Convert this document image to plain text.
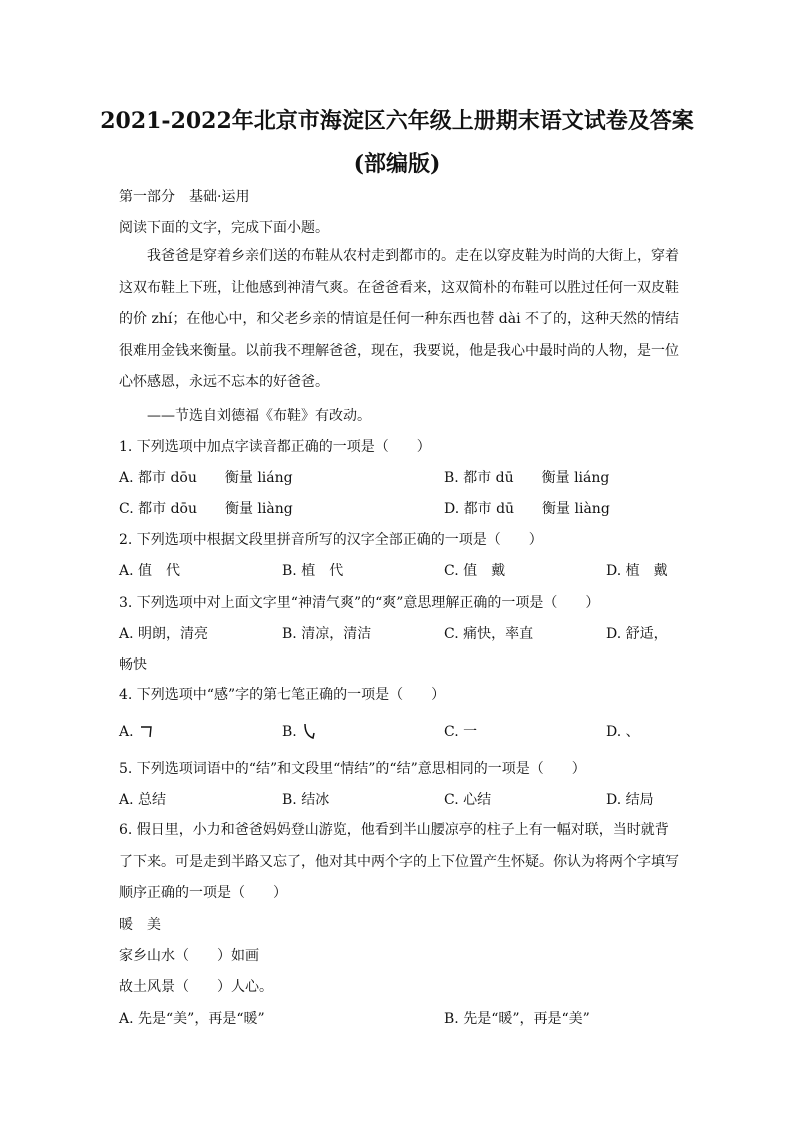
2021-2022年北京市海淀区六年级上册期末语文试卷及答案
(部编版)
第一部分　基础·运用
阅读下面的文字，完成下面小题。

我爸爸是穿着乡亲们送的布鞋从农村走到都市的。走在以穿皮鞋为时尚的大街上，穿着这双布鞋上下班，让他感到神清气爽。在爸爸看来，这双简朴的布鞋可以胜过任何一双皮鞋的价 zhí；在他心中，和父老乡亲的情谊是任何一种东西也替 dài 不了的，这种天然的情结很难用金钱来衡量。以前我不理解爸爸，现在，我要说，他是我心中最时尚的人物，是一位心怀感恩，永远不忘本的好爸爸。

——节选自刘德福《布鞋》有改动。
1. 下列选项中加点字读音都正确的一项是（　　）
A. 都市 dōu　　衡量 liáng	B. 都市 dū　　衡量 liáng
C. 都市 dōu　　衡量 liàng	D. 都市 dū　　衡量 liàng
2. 下列选项中根据文段里拼音所写的汉字全部正确的一项是（　　）
A. 值　代	B. 植　代	C. 值　戴	D. 植　戴
3. 下列选项中对上面文字里“神清气爽”的“爽”意思理解正确的一项是（　　）
A. 明朗，清亮	B. 清凉，清洁	C. 痛快，率直	D. 舒适，
畅快
4. 下列选项中“感”字的第七笔正确的一项是（　　）
A.	B.	C. 一	D. 、
5. 下列选项词语中的“结”和文段里“情结”的“结”意思相同的一项是（　　）
A. 总结	B. 结冰	C. 心结	D. 结局

6. 假日里，小力和爸爸妈妈登山游览，他看到半山腰凉亭的柱子上有一幅对联，当时就背了下来。可是走到半路又忘了，他对其中两个字的上下位置产生怀疑。你认为将两个字填写顺序正确的一项是（　　）

暖　美
家乡山水（　　）如画
故土风景（　　）人心。
A. 先是“美”，再是“暖”	B. 先是“暖”，再是“美”
